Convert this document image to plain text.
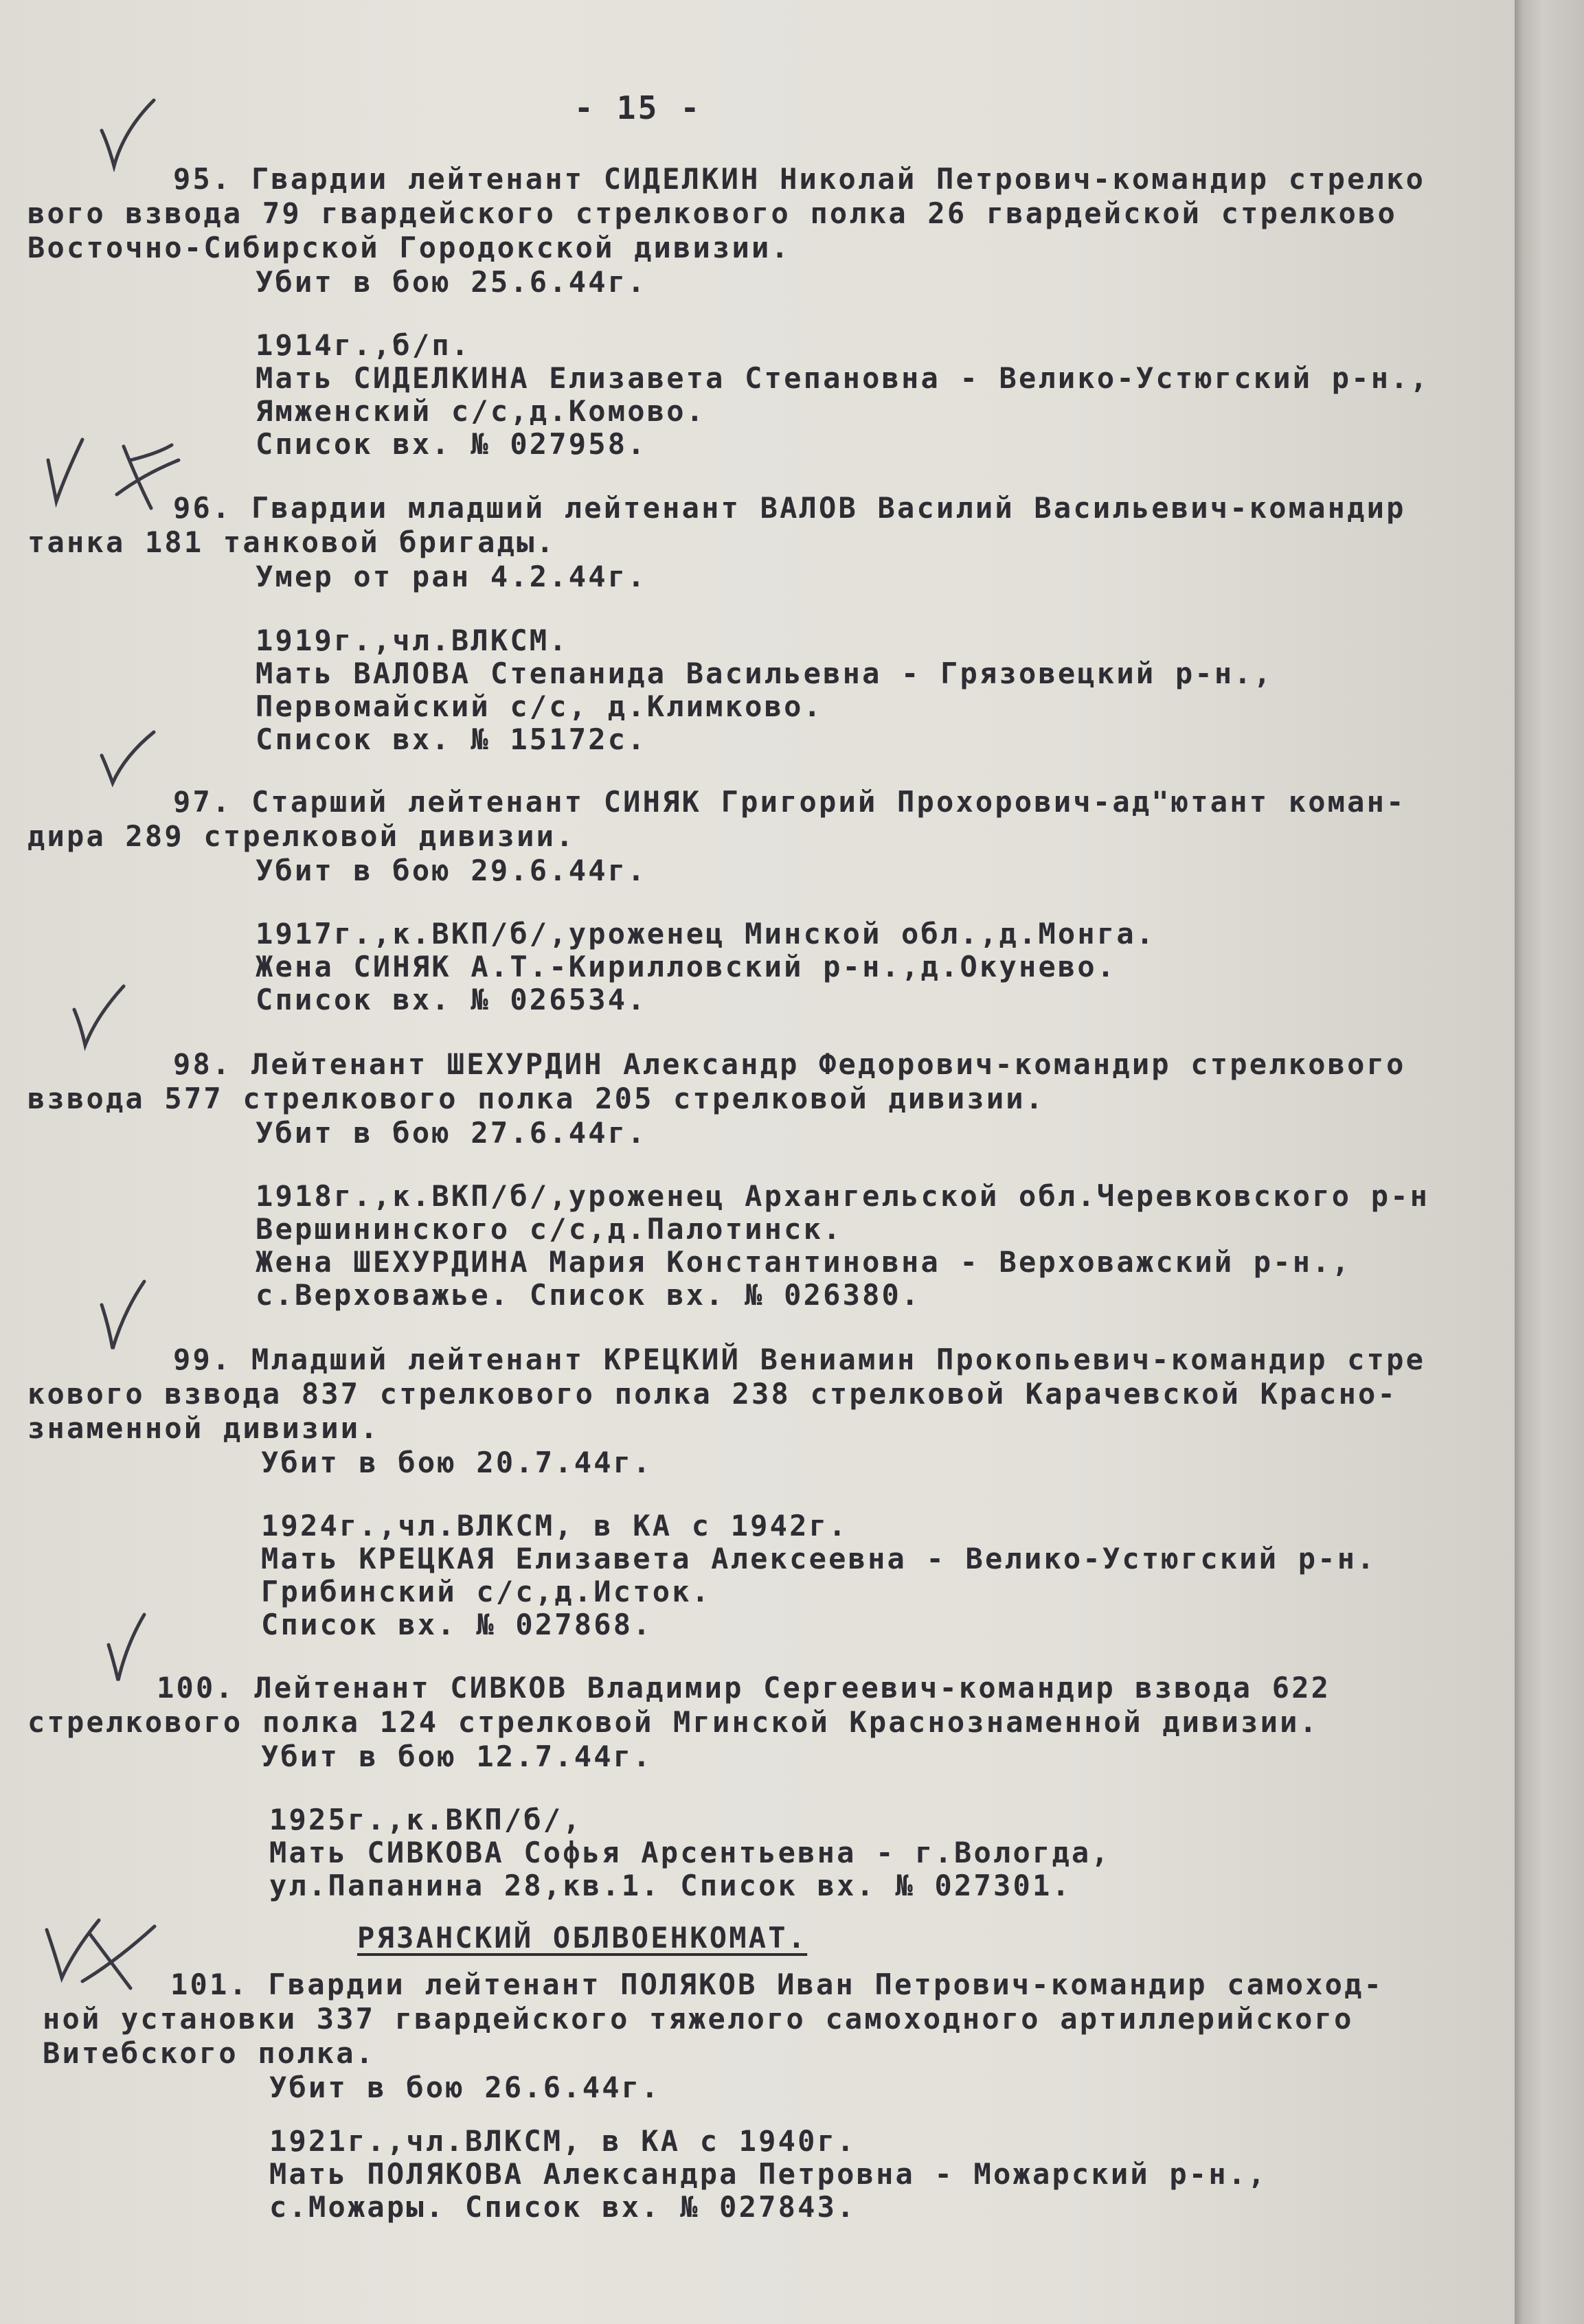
- 15 -
95. Гвардии лейтенант СИДЕЛКИН Николай Петрович-командир стрелко
вого взвода 79 гвардейского стрелкового полка 26 гвардейской стрелково
Восточно-Сибирской Городокской дивизии.
Убит в бою 25.6.44г.
1914г.,б/п.
Мать СИДЕЛКИНА Елизавета Степановна - Велико-Устюгский р-н.,
Ямженский с/с,д.Комово.
Список вх. № 027958.
96. Гвардии младший лейтенант ВАЛОВ Василий Васильевич-командир
танка 181 танковой бригады.
Умер от ран 4.2.44г.
1919г.,чл.ВЛКСМ.
Мать ВАЛОВА Степанида Васильевна - Грязовецкий р-н.,
Первомайский с/с, д.Климково.
Список вх. № 15172с.
97. Старший лейтенант СИНЯК Григорий Прохорович-ад"ютант коман-
дира 289 стрелковой дивизии.
Убит в бою 29.6.44г.
1917г.,к.ВКП/б/,уроженец Минской обл.,д.Монга.
Жена СИНЯК А.Т.-Кирилловский р-н.,д.Окунево.
Список вх. № 026534.
98. Лейтенант ШЕХУРДИН Александр Федорович-командир стрелкового
взвода 577 стрелкового полка 205 стрелковой дивизии.
Убит в бою 27.6.44г.
1918г.,к.ВКП/б/,уроженец Архангельской обл.Черевковского р-н
Вершининского с/с,д.Палотинск.
Жена ШЕХУРДИНА Мария Константиновна - Верховажский р-н.,
с.Верховажье. Список вх. № 026380.
99. Младший лейтенант КРЕЦКИЙ Вениамин Прокопьевич-командир стре
кового взвода 837 стрелкового полка 238 стрелковой Карачевской Красно-
знаменной дивизии.
Убит в бою 20.7.44г.
1924г.,чл.ВЛКСМ, в КА с 1942г.
Мать КРЕЦКАЯ Елизавета Алексеевна - Велико-Устюгский р-н.
Грибинский с/с,д.Исток.
Список вх. № 027868.
100. Лейтенант СИВКОВ Владимир Сергеевич-командир взвода 622
стрелкового полка 124 стрелковой Мгинской Краснознаменной дивизии.
Убит в бою 12.7.44г.
1925г.,к.ВКП/б/,
Мать СИВКОВА Софья Арсентьевна - г.Вологда,
ул.Папанина 28,кв.1. Список вх. № 027301.
РЯЗАНСКИЙ ОБЛВОЕНКОМАТ.
101. Гвардии лейтенант ПОЛЯКОВ Иван Петрович-командир самоход-
ной установки 337 гвардейского тяжелого самоходного артиллерийского
Витебского полка.
Убит в бою 26.6.44г.
1921г.,чл.ВЛКСМ, в КА с 1940г.
Мать ПОЛЯКОВА Александра Петровна - Можарский р-н.,
с.Можары. Список вх. № 027843.
